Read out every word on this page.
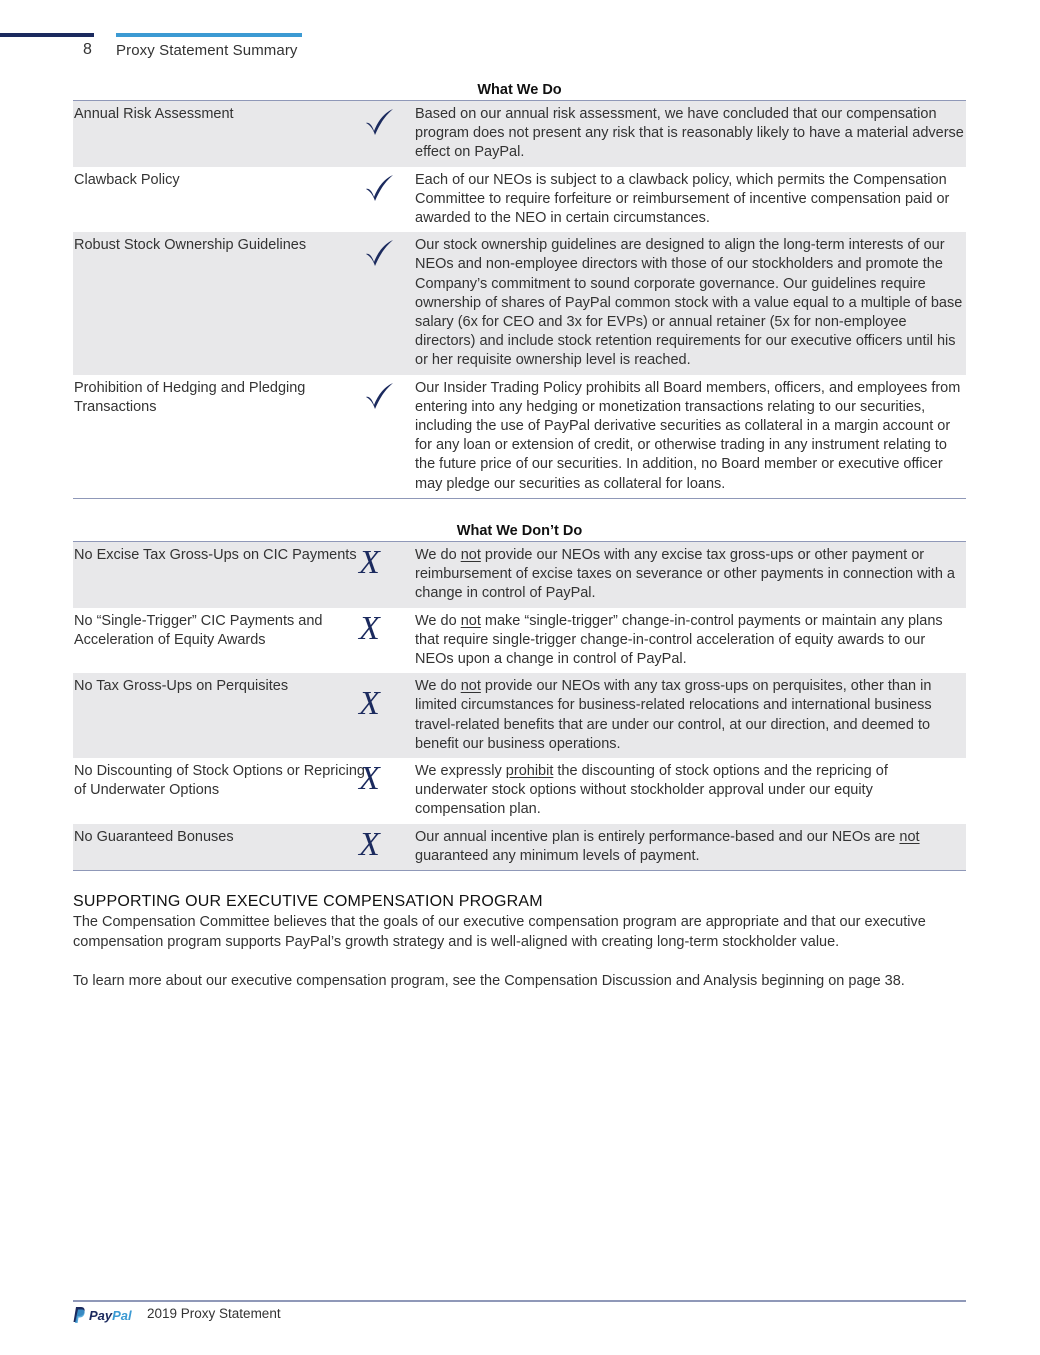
8 Proxy Statement Summary
What We Do
Annual Risk Assessment	Based on our annual risk assessment, we have concluded that our compensation program does not present any risk that is reasonably likely to have a material adverse effect on PayPal.
Clawback Policy	Each of our NEOs is subject to a clawback policy, which permits the Compensation Committee to require forfeiture or reimbursement of incentive compensation paid or awarded to the NEO in certain circumstances.
Robust Stock Ownership Guidelines	Our stock ownership guidelines are designed to align the long-term interests of our NEOs and non-employee directors with those of our stockholders and promote the Company’s commitment to sound corporate governance. Our guidelines require ownership of shares of PayPal common stock with a value equal to a multiple of base salary (6x for CEO and 3x for EVPs) or annual retainer (5x for non-employee directors) and include stock retention requirements for our executive officers until his or her requisite ownership level is reached.
Prohibition of Hedging and Pledging Transactions
Our Insider Trading Policy prohibits all Board members, officers, and employees from entering into any hedging or monetization transactions relating to our securities, including the use of PayPal derivative securities as collateral in a margin account or for any loan or extension of credit, or otherwise trading in any instrument relating to the future price of our securities. In addition, no Board member or executive officer may pledge our securities as collateral for loans.
What We Don’t Do
No Excise Tax Gross-Ups on CIC Payments X We do not provide our NEOs with any excise tax gross-ups or other payment or reimbursement of excise taxes on severance or other payments in connection with a change in control of PayPal.
No “Single-Trigger” CIC Payments and Acceleration of Equity Awards	X We do not make “single-trigger” change-in-control payments or maintain any plans that require single-trigger change-in-control acceleration of equity awards to our NEOs upon a change in control of PayPal.
No Tax Gross-Ups on Perquisites	X We do not provide our NEOs with any tax gross-ups on perquisites, other than in limited circumstances for business-related relocations and international business travel-related benefits that are under our control, at our direction, and deemed to benefit our business operations.
No Discounting of Stock Options or Repricing of Underwater Options	X We expressly prohibit the discounting of stock options and the repricing of underwater stock options without stockholder approval under our equity compensation plan.
No Guaranteed Bonuses	X Our annual incentive plan is entirely performance-based and our NEOs are not guaranteed any minimum levels of payment.
SUPPORTING OUR EXECUTIVE COMPENSATION PROGRAM
The Compensation Committee believes that the goals of our executive compensation program are appropriate and that our executive compensation program supports PayPal’s growth strategy and is well-aligned with creating long-term stockholder value.
To learn more about our executive compensation program, see the Compensation Discussion and Analysis beginning on page 38.
PayPal 2019 Proxy Statement
